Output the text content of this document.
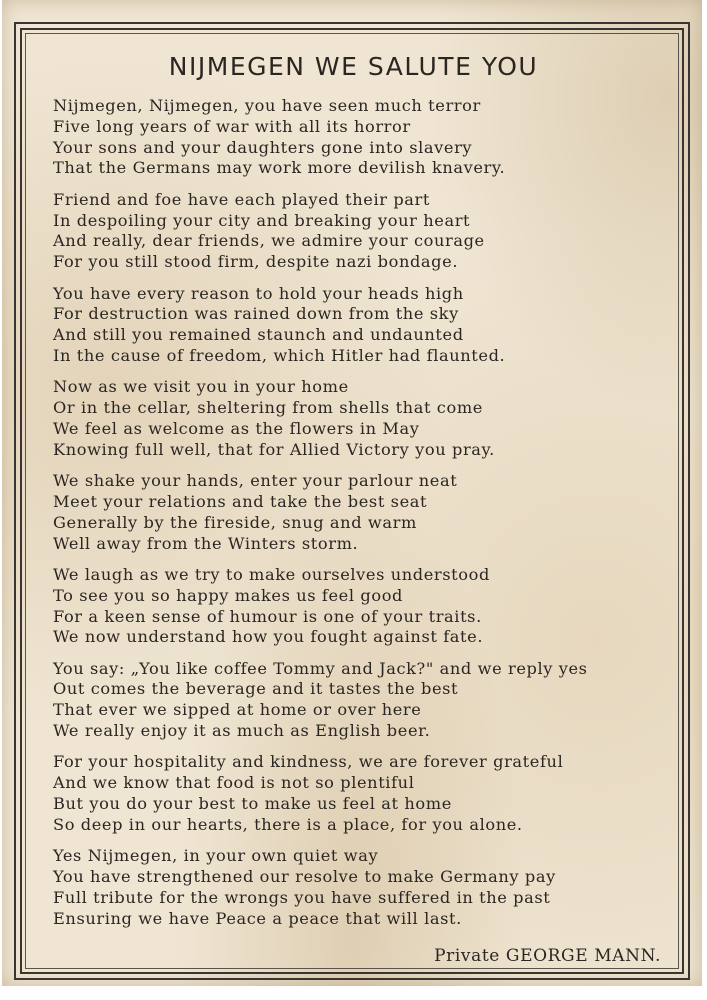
NIJMEGEN WE SALUTE YOU
Nijmegen, Nijmegen, you have seen much terror
Five long years of war with all its horror
Your sons and your daughters gone into slavery
That the Germans may work more devilish knavery.
Friend and foe have each played their part
In despoiling your city and breaking your heart
And really, dear friends, we admire your courage
For you still stood firm, despite nazi bondage.
You have every reason to hold your heads high
For destruction was rained down from the sky
And still you remained staunch and undaunted
In the cause of freedom, which Hitler had flaunted.
Now as we visit you in your home
Or in the cellar, sheltering from shells that come
We feel as welcome as the flowers in May
Knowing full well, that for Allied Victory you pray.
We shake your hands, enter your parlour neat
Meet your relations and take the best seat
Generally by the fireside, snug and warm
Well away from the Winters storm.
We laugh as we try to make ourselves understood
To see you so happy makes us feel good
For a keen sense of humour is one of your traits.
We now understand how you fought against fate.
You say: „You like coffee Tommy and Jack?" and we reply yes
Out comes the beverage and it tastes the best
That ever we sipped at home or over here
We really enjoy it as much as English beer.
For your hospitality and kindness, we are forever grateful
And we know that food is not so plentiful
But you do your best to make us feel at home
So deep in our hearts, there is a place, for you alone.
Yes Nijmegen, in your own quiet way
You have strengthened our resolve to make Germany pay
Full tribute for the wrongs you have suffered in the past
Ensuring we have Peace a peace that will last.
Private GEORGE MANN.
